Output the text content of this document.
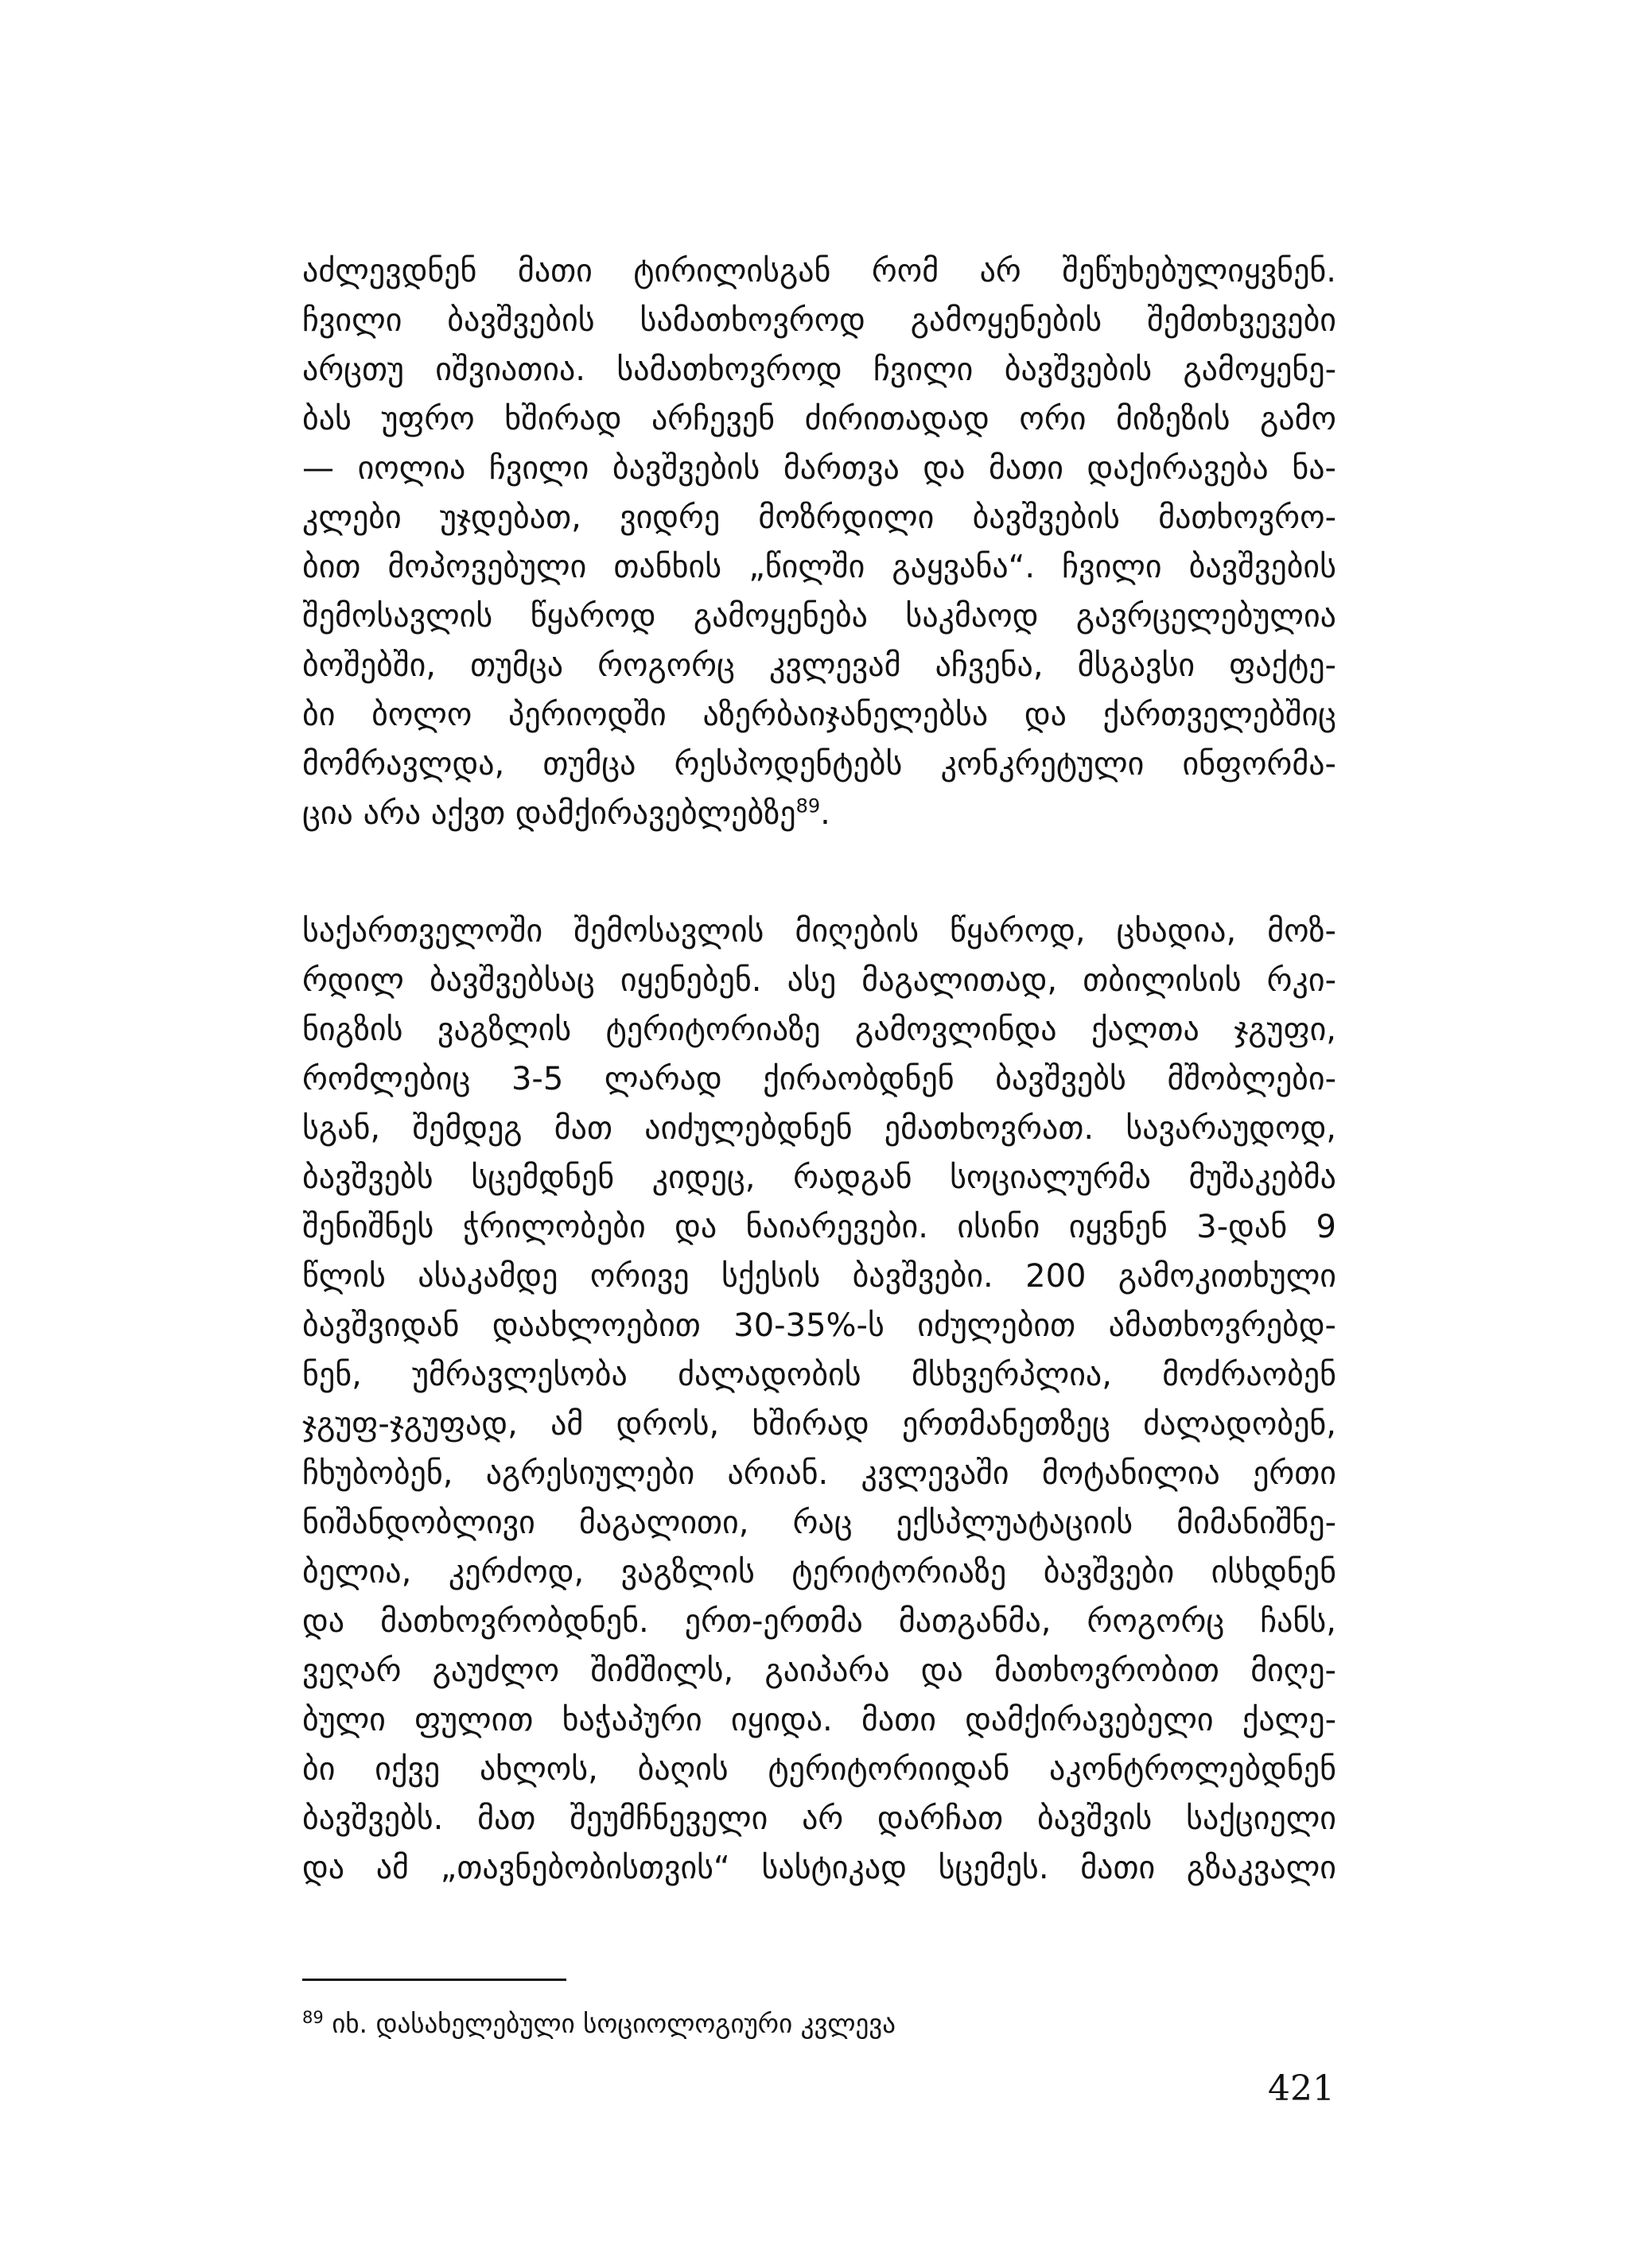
აძლევდნენ მათი ტირილისგან რომ არ შეწუხებულიყვნენ.
ჩვილი ბავშვების სამათხოვროდ გამოყენების შემთხვევები
არცთუ იშვიათია. სამათხოვროდ ჩვილი ბავშვების გამოყენე-
ბას უფრო ხშირად არჩევენ ძირითადად ორი მიზეზის გამო
— იოლია ჩვილი ბავშვების მართვა და მათი დაქირავება ნა-
კლები უჯდებათ, ვიდრე მოზრდილი ბავშვების მათხოვრო-
ბით მოპოვებული თანხის „წილში გაყვანა“. ჩვილი ბავშვების
შემოსავლის წყაროდ გამოყენება საკმაოდ გავრცელებულია
ბოშებში, თუმცა როგორც კვლევამ აჩვენა, მსგავსი ფაქტე-
ბი ბოლო პერიოდში აზერბაიჯანელებსა და ქართველებშიც
მომრავლდა, თუმცა რესპოდენტებს კონკრეტული ინფორმა-
ცია არა აქვთ დამქირავებლებზე$^{89}$.
საქართველოში შემოსავლის მიღების წყაროდ, ცხადია, მოზ-
რდილ ბავშვებსაც იყენებენ. ასე მაგალითად, თბილისის რკი-
ნიგზის ვაგზლის ტერიტორიაზე გამოვლინდა ქალთა ჯგუფი,
რომლებიც 3-5 ლარად ქირაობდნენ ბავშვებს მშობლები-
სგან, შემდეგ მათ აიძულებდნენ ემათხოვრათ. სავარაუდოდ,
ბავშვებს სცემდნენ კიდეც, რადგან სოციალურმა მუშაკებმა
შენიშნეს ჭრილობები და ნაიარევები. ისინი იყვნენ 3-დან 9
წლის ასაკამდე ორივე სქესის ბავშვები. 200 გამოკითხული
ბავშვიდან დაახლოებით 30-35%-ს იძულებით ამათხოვრებდ-
ნენ, უმრავლესობა ძალადობის მსხვერპლია, მოძრაობენ
ჯგუფ-ჯგუფად, ამ დროს, ხშირად ერთმანეთზეც ძალადობენ,
ჩხუბობენ, აგრესიულები არიან. კვლევაში მოტანილია ერთი
ნიშანდობლივი მაგალითი, რაც ექსპლუატაციის მიმანიშნე-
ბელია, კერძოდ, ვაგზლის ტერიტორიაზე ბავშვები ისხდნენ
და მათხოვრობდნენ. ერთ-ერთმა მათგანმა, როგორც ჩანს,
ვეღარ გაუძლო შიმშილს, გაიპარა და მათხოვრობით მიღე-
ბული ფულით ხაჭაპური იყიდა. მათი დამქირავებელი ქალე-
ბი იქვე ახლოს, ბაღის ტერიტორიიდან აკონტროლებდნენ
ბავშვებს. მათ შეუმჩნეველი არ დარჩათ ბავშვის საქციელი
და ამ „თავნებობისთვის“ სასტიკად სცემეს. მათი გზაკვალი
$^{89}$ იხ. დასახელებული სოციოლოგიური კვლევა
421
